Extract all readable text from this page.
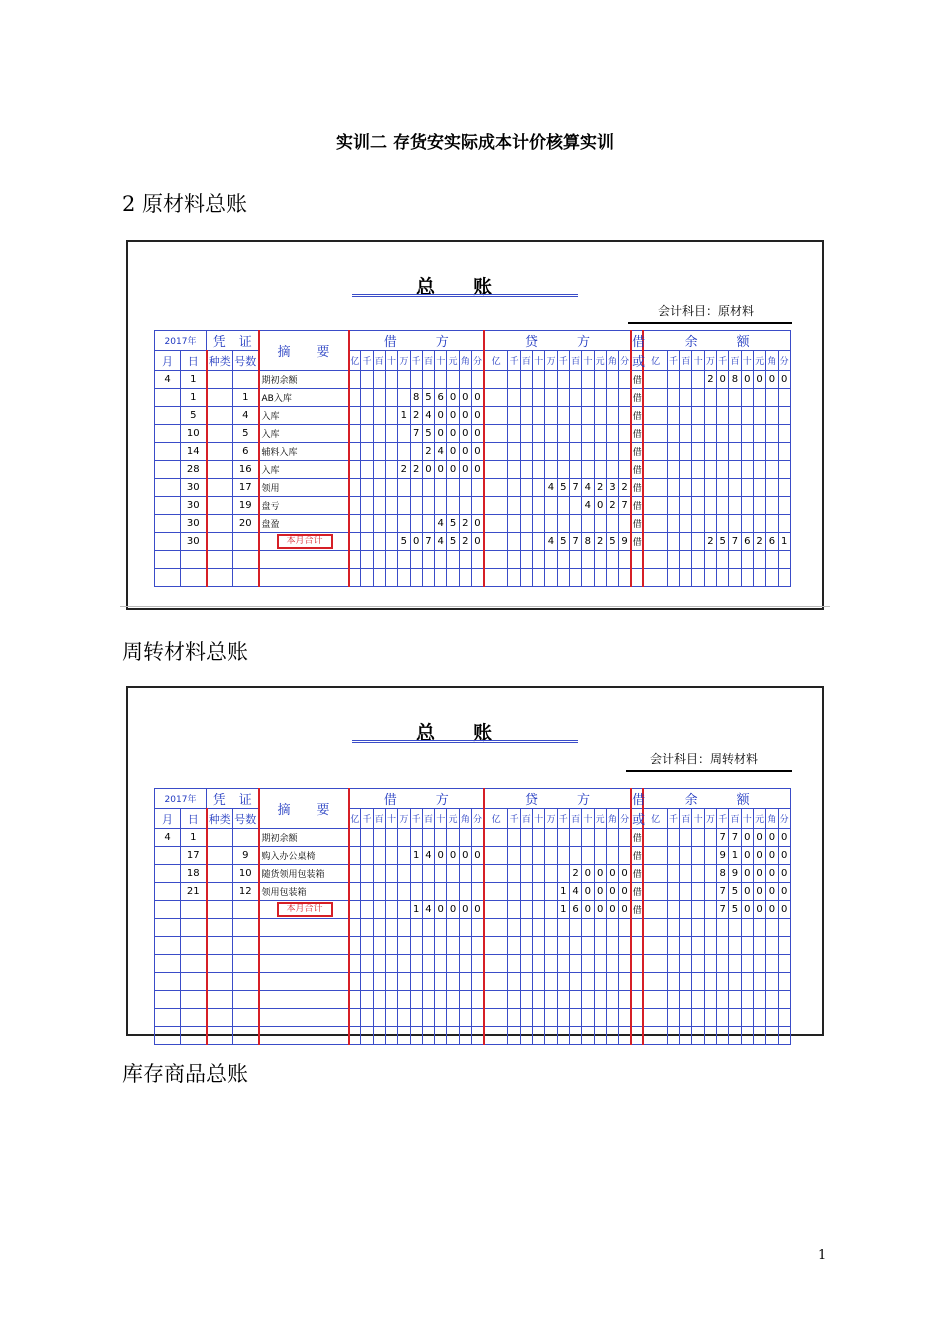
实训二 存货安实际成本计价核算实训
2 原材料总账
总　　账
会计科目：原材料
2017年		凭　证		摘　　要	借　　　方											贷　　　方											借	余　　　额										
月	日	种类	号数		亿	千	百	十	万	千	百	十	元	角	分	亿	千	百	十	万	千	百	十	元	角	分	或	亿	千	百	十	万	千	百	十	元	角	分
4	1			期初余额																							借					2	0	8	0	0	0	0
	1		1	AB入库						8	5	6	0	0	0												借											
	5		4	入库					1	2	4	0	0	0	0												借											
	10		5	入库						7	5	0	0	0	0												借											
	14		6	辅料入库							2	4	0	0	0												借											
	28		16	入库					2	2	0	0	0	0	0												借											
	30		17	领用																4	5	7	4	2	3	2	借											
	30		19	盘亏																			4	0	2	7	借											
	30		20	盘盈								4	5	2	0												借											
	30			本月合计					5	0	7	4	5	2	0					4	5	7	8	2	5	9	借					2	5	7	6	2	6	1

周转材料总账
总　　账
会计科目：周转材料
2017年		凭　证		摘　　要	借　　　方											贷　　　方											借	余　　　额										
月	日	种类	号数		亿	千	百	十	万	千	百	十	元	角	分	亿	千	百	十	万	千	百	十	元	角	分	或	亿	千	百	十	万	千	百	十	元	角	分
4	1			期初余额																							借						7	7	0	0	0	0
	17		9	购入办公桌椅						1	4	0	0	0	0												借						9	1	0	0	0	0
	18		10	随货领用包装箱																		2	0	0	0	0	借						8	9	0	0	0	0
	21		12	领用包装箱																	1	4	0	0	0	0	借						7	5	0	0	0	0
				本月合计						1	4	0	0	0	0						1	6	0	0	0	0	借						7	5	0	0	0	0

库存商品总账
1
